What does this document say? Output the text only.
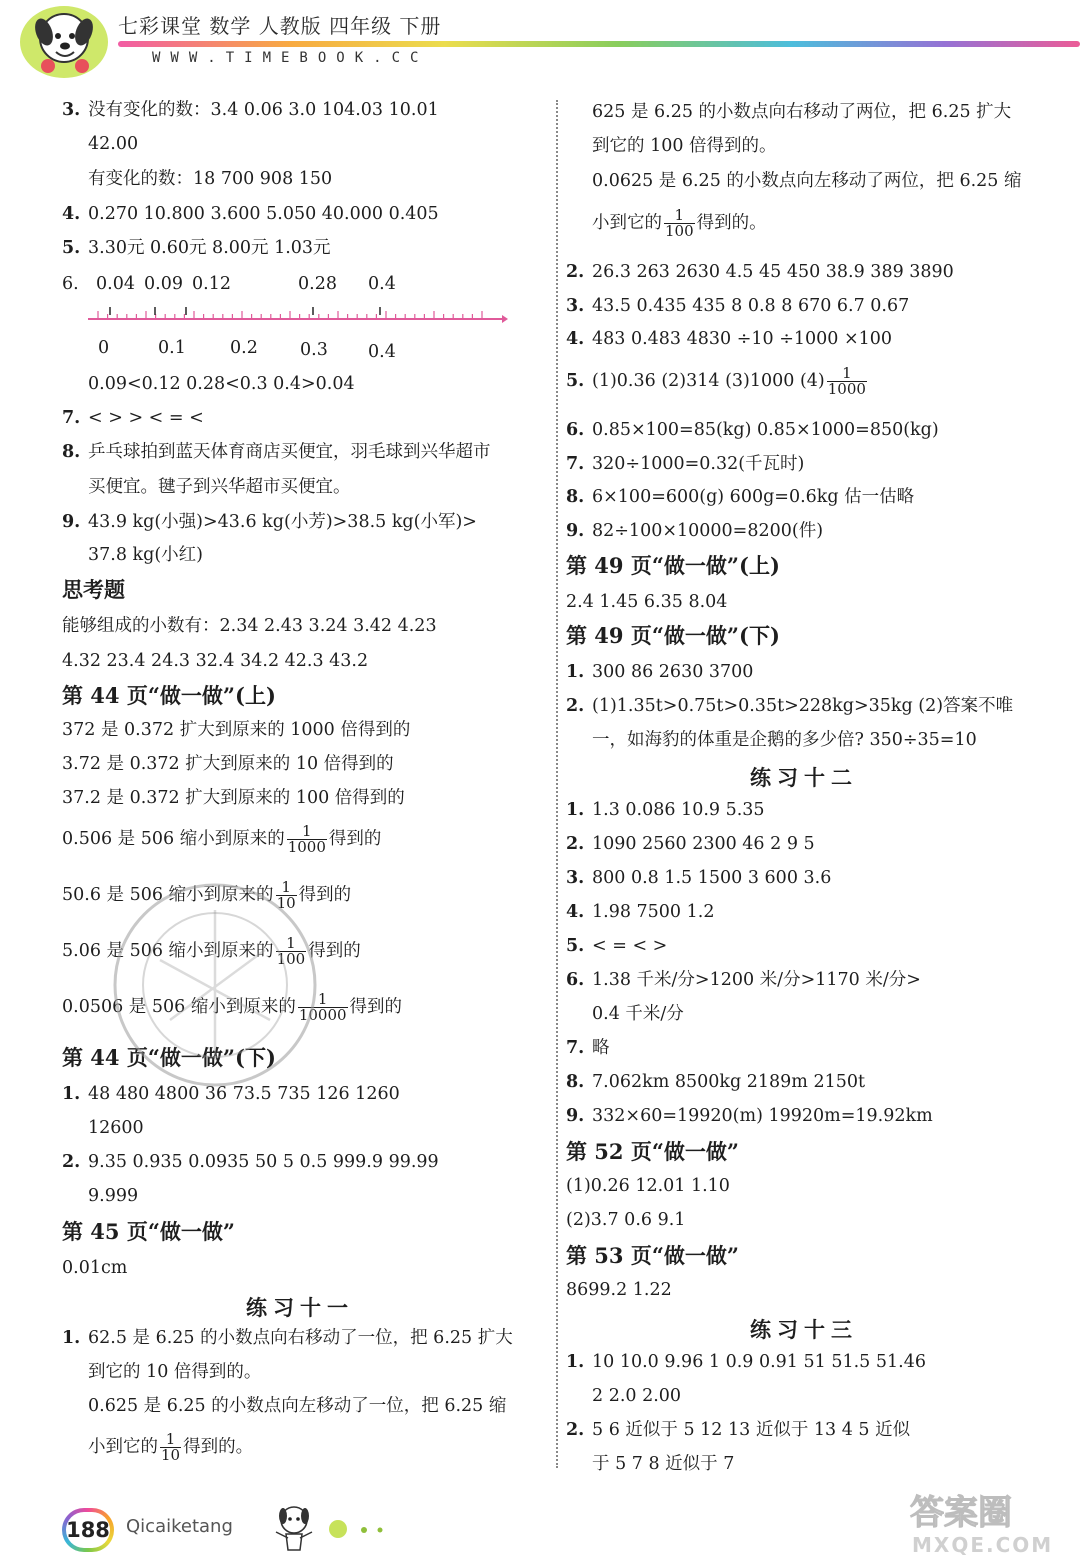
七彩课堂 数学 人教版 四年级 下册
WWW.TIMEBOOK.CC
3. 没有变化的数：3.4 0.06 3.0 104.03 10.01
42.00
有变化的数：18 700 908 150
4. 0.270 10.800 3.600 5.050 40.000 0.405
5. 3.30元 0.60元 8.00元 1.03元
6. 0.04 0.09 0.12	0.28 0.4
0	0.1	0.2 0.3 0.4
0.09<0.12 0.28<0.3 0.4>0.04
7. < > > < = <
8. 乒乓球拍到蓝天体育商店买便宜，羽毛球到兴华超市
买便宜。毽子到兴华超市买便宜。
9. 43.9 kg(小强)>43.6 kg(小芳)>38.5 kg(小军)>
37.8 kg(小红)
思考题
能够组成的小数有：2.34 2.43 3.24 3.42 4.23
4.32 23.4 24.3 32.4 34.2 42.3 43.2
第 44 页“做一做”(上)
372 是 0.372 扩大到原来的 1000 倍得到的
3.72 是 0.372 扩大到原来的 10 倍得到的
37.2 是 0.372 扩大到原来的 100 倍得到的
0.506 是 506 缩小到原来的 $\frac{1}{1000}$ 得到的
50.6 是 506 缩小到原来的 $\frac{1}{10}$ 得到的
5.06 是 506 缩小到原来的 $\frac{1}{100}$ 得到的
0.0506 是 506 缩小到原来的 $\frac{1}{10000}$ 得到的
第 44 页“做一做”(下)
1. 48 480 4800 36 73.5 735 126 1260
12600
2. 9.35 0.935 0.0935 50 5 0.5 999.9 99.99
9.999
第 45 页“做一做”
0.01cm
练习十一
1. 62.5 是 6.25 的小数点向右移动了一位，把 6.25 扩大
到它的 10 倍得到的。
0.625 是 6.25 的小数点向左移动了一位，把 6.25 缩
小到它的 $\frac{1}{10}$ 得到的。
625 是 6.25 的小数点向右移动了两位，把 6.25 扩大
到它的 100 倍得到的。
0.0625 是 6.25 的小数点向左移动了两位，把 6.25 缩
小到它的 $\frac{1}{100}$ 得到的。
2. 26.3 263 2630 4.5 45 450 38.9 389 3890
3. 43.5 0.435 435 8 0.8 8 670 6.7 0.67
4. 483 0.483 4830 ÷10 ÷1000 ×100
5. (1)0.36 (2)314 (3)1000 $(4) \frac{1}{1000}$
6. 0.85×100=85(kg) 0.85×1000=850(kg)
7. 320÷1000=0.32(千瓦时)
8. 6×100=600(g) 600g=0.6kg 估一估略
9. 82÷100×10000=8200(件)
第 49 页“做一做”(上)
2.4 1.45 6.35 8.04
第 49 页“做一做”(下)
1. 300 86 2630 3700
2. (1)1.35t>0.75t>0.35t>228kg>35kg (2)答案不唯
一，如海豹的体重是企鹅的多少倍? 350÷35=10
练习十二
1. 1.3 0.086 10.9 5.35
2. 1090 2560 2300 46 2 9 5
3. 800 0.8 1.5 1500 3 600 3.6
4. 1.98 7500 1.2
5. < = < >
6. 1.38 千米/分>1200 米/分>1170 米/分>
0.4 千米/分
7. 略
8. 7.062km 8500kg 2189m 2150t
9. 332×60=19920(m) 19920m=19.92km
第 52 页“做一做”
(1)0.26 12.01 1.10
(2)3.7 0.6 9.1
第 53 页“做一做”
8699.2 1.22
练习十三
1. 10 10.0 9.96 1 0.9 0.91 51 51.5 51.46
2 2.0 2.00
2. 5 6 近似于 5 12 13 近似于 13 4 5 近似
于 5 7 8 近似于 7
188 Qicaiketang	答案圈
MXQE.COM
